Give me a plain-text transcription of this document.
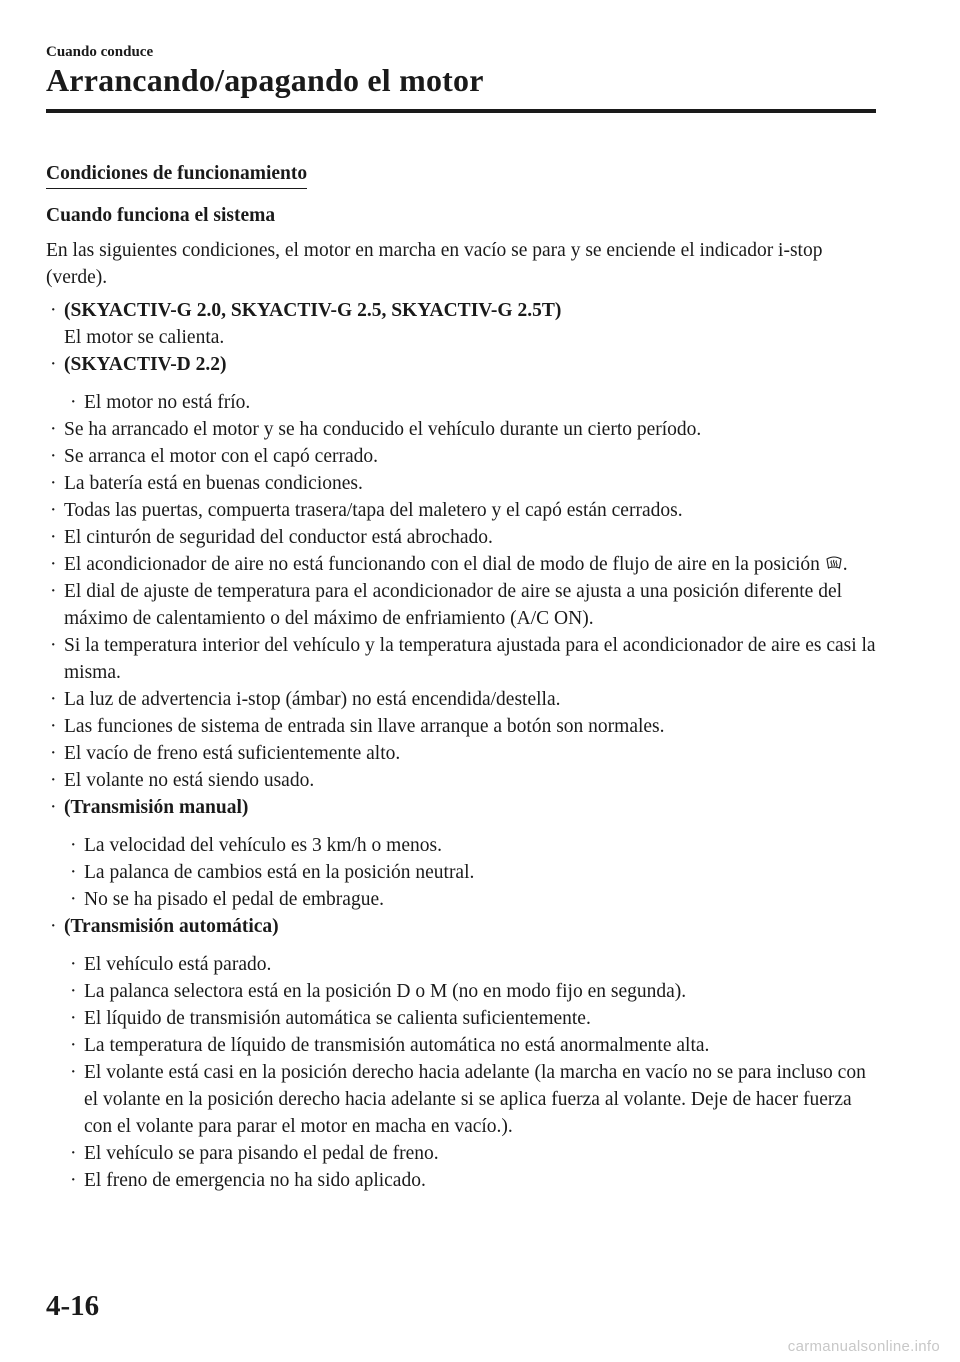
Cuando conduce
Arrancando/apagando el motor
Condiciones de funcionamiento
Cuando funciona el sistema

En las siguientes condiciones, el motor en marcha en vacío se para y se enciende el indicador i-stop (verde).

· (SKYACTIV-G 2.0, SKYACTIV-G 2.5, SKYACTIV-G 2.5T)
El motor se calienta.
· (SKYACTIV-D 2.2)
· El motor no está frío.
· Se ha arrancado el motor y se ha conducido el vehículo durante un cierto período.
· Se arranca el motor con el capó cerrado.
· La batería está en buenas condiciones.
· Todas las puertas, compuerta trasera/tapa del maletero y el capó están cerrados.
· El cinturón de seguridad del conductor está abrochado.
· El acondicionador de aire no está funcionando con el dial de modo de flujo de aire en la posición .
· El dial de ajuste de temperatura para el acondicionador de aire se ajusta a una posición diferente del máximo de calentamiento o del máximo de enfriamiento (A/C ON).
· Si la temperatura interior del vehículo y la temperatura ajustada para el acondicionador de aire es casi la misma.
· La luz de advertencia i-stop (ámbar) no está encendida/destella.
· Las funciones de sistema de entrada sin llave arranque a botón son normales.
· El vacío de freno está suficientemente alto.
· El volante no está siendo usado.
· (Transmisión manual)
· La velocidad del vehículo es 3 km/h o menos.
· La palanca de cambios está en la posición neutral.
· No se ha pisado el pedal de embrague.
· (Transmisión automática)
· El vehículo está parado.
· La palanca selectora está en la posición D o M (no en modo fijo en segunda).
· El líquido de transmisión automática se calienta suficientemente.
· La temperatura de líquido de transmisión automática no está anormalmente alta.
· El volante está casi en la posición derecho hacia adelante (la marcha en vacío no se para incluso con el volante en la posición derecho hacia adelante si se aplica fuerza al volante. Deje de hacer fuerza con el volante para parar el motor en macha en vacío.).
· El vehículo se para pisando el pedal de freno.
· El freno de emergencia no ha sido aplicado.
4-16
carmanualsonline.info
